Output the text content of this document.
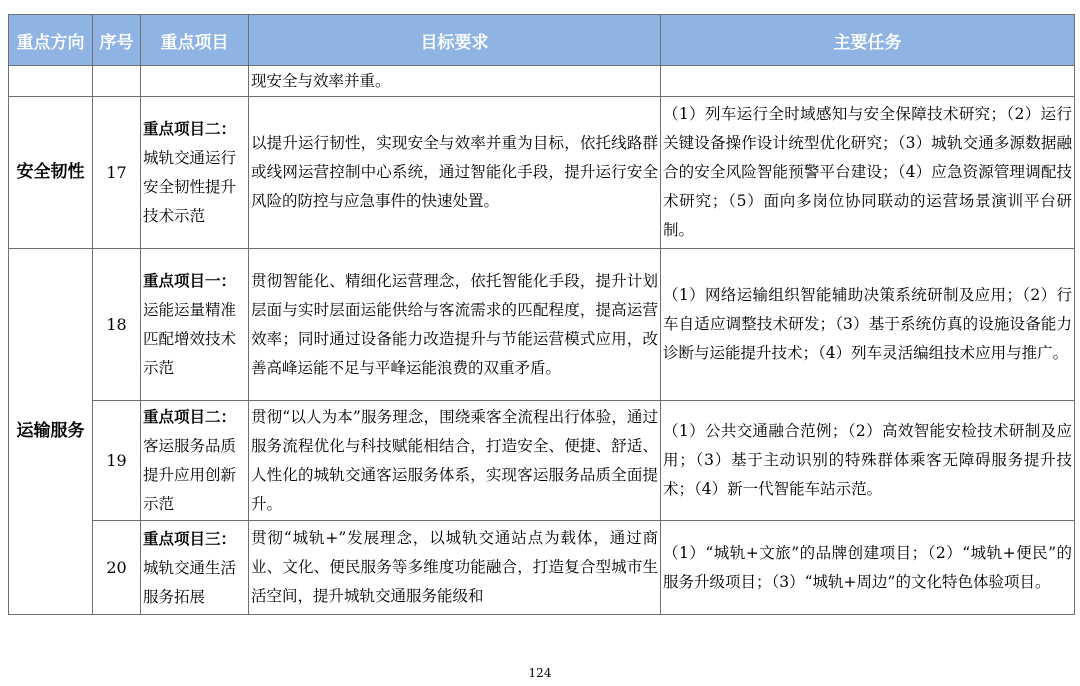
重点方向	序号	重点项目	目标要求	主要任务
			现安全与效率并重。	
安全韧性	17	重点项目二：城轨交通运行安全韧性提升技术示范	以提升运行韧性，实现安全与效率并重为目标，依托线路群或线网运营控制中心系统，通过智能化手段，提升运行安全风险的防控与应急事件的快速处置。	（1）列车运行全时域感知与安全保障技术研究；（2）运行关键设备操作设计统型优化研究；（3）城轨交通多源数据融合的安全风险智能预警平台建设；（4）应急资源管理调配技术研究；（5）面向多岗位协同联动的运营场景演训平台研制。
运输服务	18	重点项目一：运能运量精准匹配增效技术示范	贯彻智能化、精细化运营理念，依托智能化手段，提升计划层面与实时层面运能供给与客流需求的匹配程度，提高运营效率；同时通过设备能力改造提升与节能运营模式应用，改善高峰运能不足与平峰运能浪费的双重矛盾。	（1）网络运输组织智能辅助决策系统研制及应用；（2）行车自适应调整技术研发；（3）基于系统仿真的设施设备能力诊断与运能提升技术；（4）列车灵活编组技术应用与推广。
	19	重点项目二：客运服务品质提升应用创新示范	贯彻“以人为本”服务理念，围绕乘客全流程出行体验，通过服务流程优化与科技赋能相结合，打造安全、便捷、舒适、人性化的城轨交通客运服务体系，实现客运服务品质全面提升。	（1）公共交通融合范例；（2）高效智能安检技术研制及应用；（3）基于主动识别的特殊群体乘客无障碍服务提升技术；（4）新一代智能车站示范。
	20	重点项目三：城轨交通生活服务拓展	贯彻“城轨+”发展理念，以城轨交通站点为载体，通过商业、文化、便民服务等多维度功能融合，打造复合型城市生活空间，提升城轨交通服务能级和	（1）“城轨+文旅”的品牌创建项目；（2）“城轨+便民”的服务升级项目；（3）“城轨+周边”的文化特色体验项目。
124
